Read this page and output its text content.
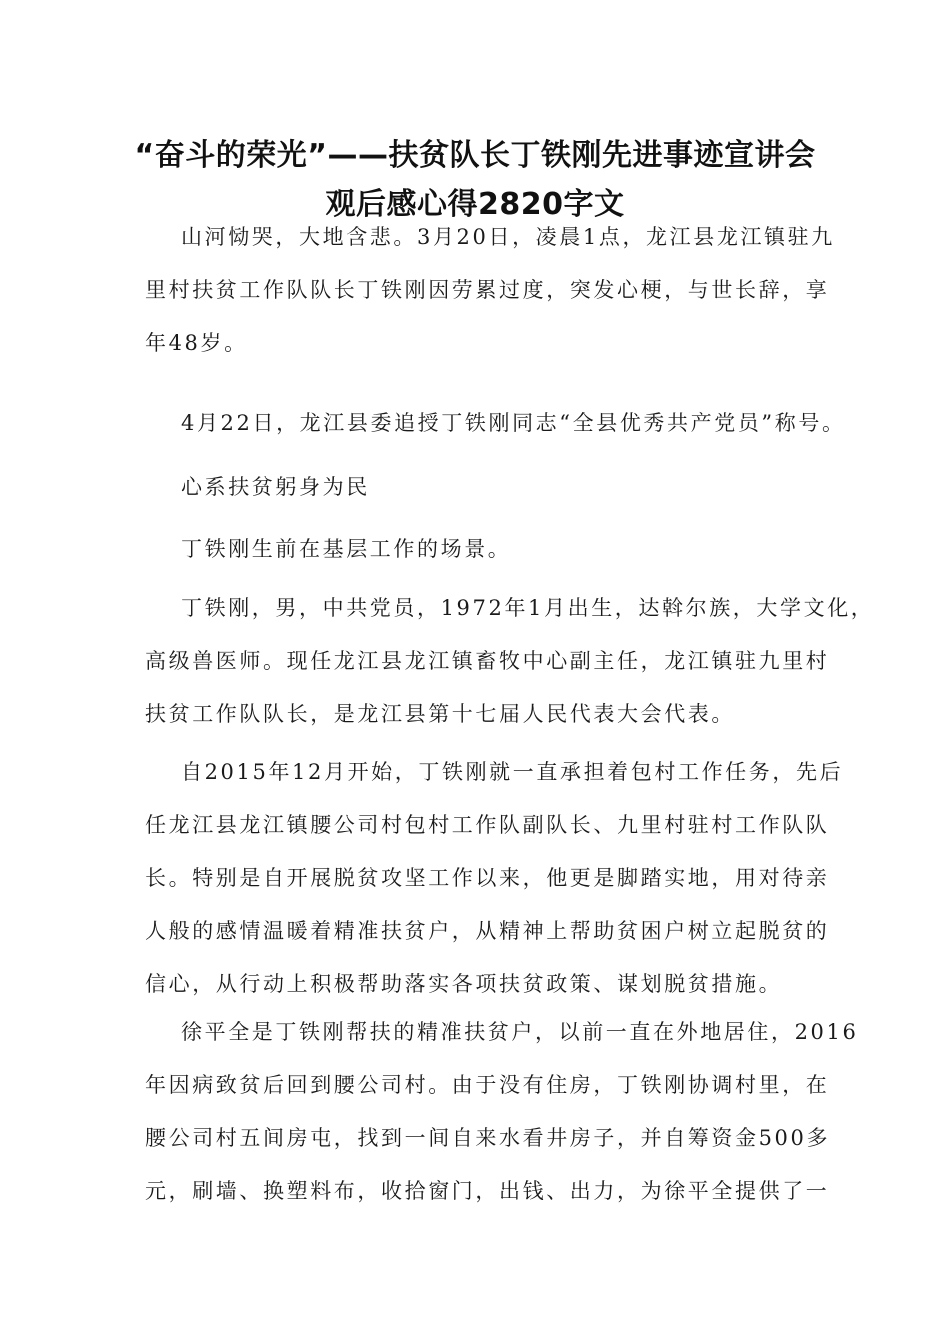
“奋斗的荣光”——扶贫队长丁铁刚先进事迹宣讲会
观后感心得2820字文
山河恸哭，大地含悲。3月20日，凌晨1点，龙江县龙江镇驻九
里村扶贫工作队队长丁铁刚因劳累过度，突发心梗，与世长辞，享
年48岁。
4月22日，龙江县委追授丁铁刚同志“全县优秀共产党员”称号。
心系扶贫躬身为民
丁铁刚生前在基层工作的场景。
丁铁刚，男，中共党员，1972年1月出生，达斡尔族，大学文化，
高级兽医师。现任龙江县龙江镇畜牧中心副主任，龙江镇驻九里村
扶贫工作队队长，是龙江县第十七届人民代表大会代表。
自2015年12月开始，丁铁刚就一直承担着包村工作任务，先后
任龙江县龙江镇腰公司村包村工作队副队长、九里村驻村工作队队
长。特别是自开展脱贫攻坚工作以来，他更是脚踏实地，用对待亲
人般的感情温暖着精准扶贫户，从精神上帮助贫困户树立起脱贫的
信心，从行动上积极帮助落实各项扶贫政策、谋划脱贫措施。
徐平全是丁铁刚帮扶的精准扶贫户，以前一直在外地居住，2016
年因病致贫后回到腰公司村。由于没有住房，丁铁刚协调村里，在
腰公司村五间房屯，找到一间自来水看井房子，并自筹资金500多
元，刷墙、换塑料布，收拾窗门，出钱、出力，为徐平全提供了一
